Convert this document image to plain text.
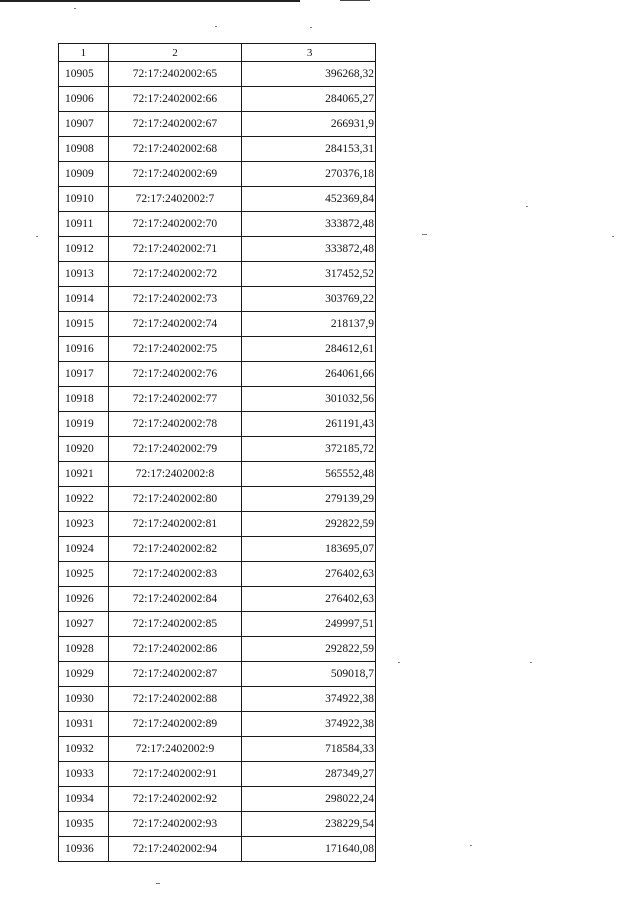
1	2	3
10905	72:17:2402002:65	396268,32
10906	72:17:2402002:66	284065,27
10907	72:17:2402002:67	266931,9
10908	72:17:2402002:68	284153,31
10909	72:17:2402002:69	270376,18
10910	72:17:2402002:7	452369,84
10911	72:17:2402002:70	333872,48
10912	72:17:2402002:71	333872,48
10913	72:17:2402002:72	317452,52
10914	72:17:2402002:73	303769,22
10915	72:17:2402002:74	218137,9
10916	72:17:2402002:75	284612,61
10917	72:17:2402002:76	264061,66
10918	72:17:2402002:77	301032,56
10919	72:17:2402002:78	261191,43
10920	72:17:2402002:79	372185,72
10921	72:17:2402002:8	565552,48
10922	72:17:2402002:80	279139,29
10923	72:17:2402002:81	292822,59
10924	72:17:2402002:82	183695,07
10925	72:17:2402002:83	276402,63
10926	72:17:2402002:84	276402,63
10927	72:17:2402002:85	249997,51
10928	72:17:2402002:86	292822,59
10929	72:17:2402002:87	509018,7
10930	72:17:2402002:88	374922,38
10931	72:17:2402002:89	374922,38
10932	72:17:2402002:9	718584,33
10933	72:17:2402002:91	287349,27
10934	72:17:2402002:92	298022,24
10935	72:17:2402002:93	238229,54
10936	72:17:2402002:94	171640,08
